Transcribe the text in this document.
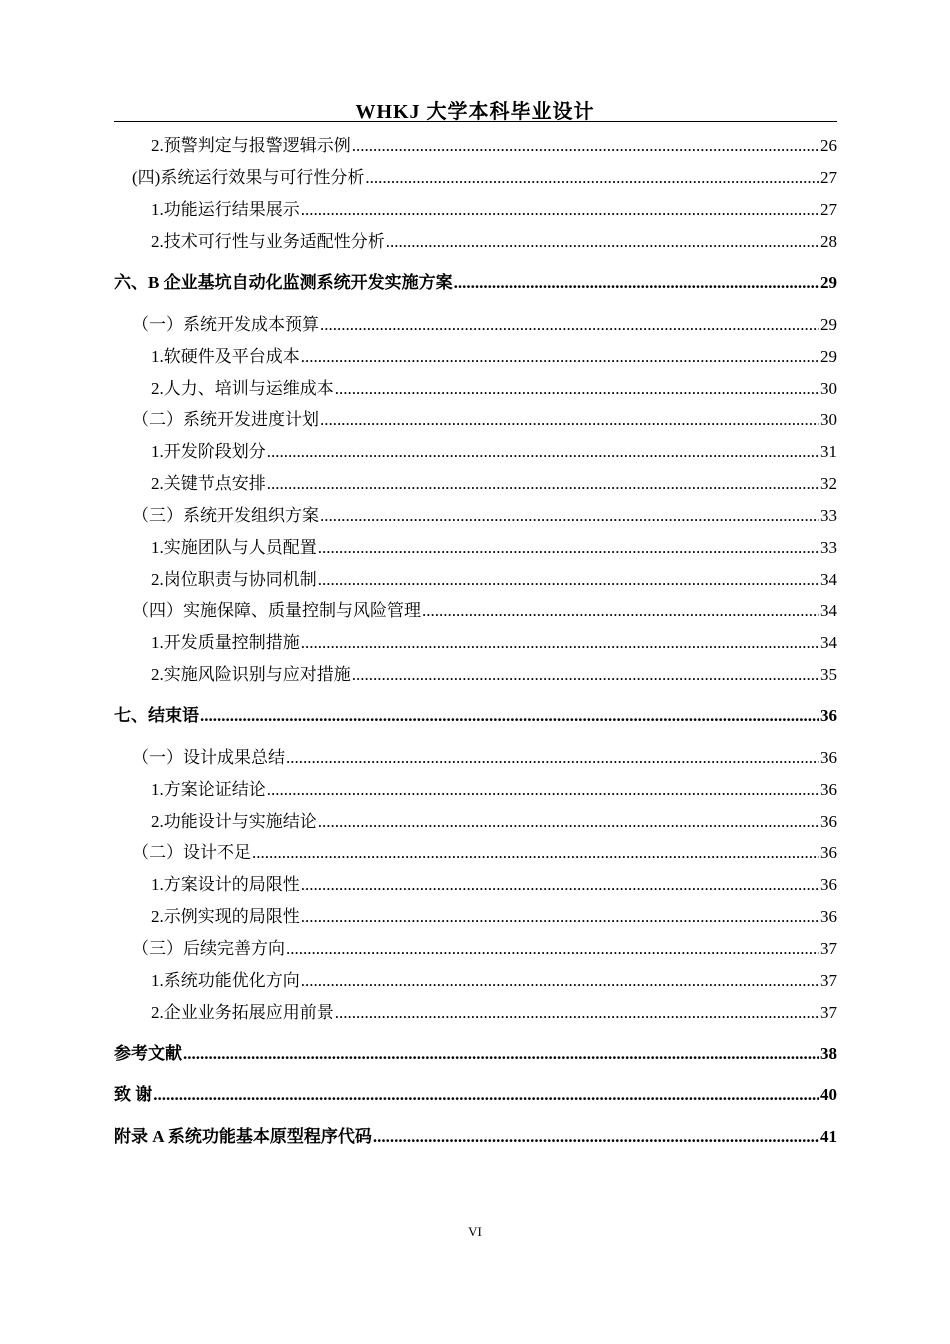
WHKJ 大学本科毕业设计
2.预警判定与报警逻辑示例 .....	26
(四)系统运行效果与可行性分析 .....	27
1.功能运行结果展示 .....	27
2.技术可行性与业务适配性分析 .....	28
六、B 企业基坑自动化监测系统开发实施方案 .....	29
（一）系统开发成本预算 .....	29
1.软硬件及平台成本 .....	29
2.人力、培训与运维成本 .....	30
（二）系统开发进度计划 .....	30
1.开发阶段划分 .....	31
2.关键节点安排 .....	32
（三）系统开发组织方案 .....	33
1.实施团队与人员配置 .....	33
2.岗位职责与协同机制 .....	34
（四）实施保障、质量控制与风险管理 .....	34
1.开发质量控制措施 .....	34
2.实施风险识别与应对措施 .....	35
七、结束语 .....	36
（一）设计成果总结 .....	36
1.方案论证结论 .....	36
2.功能设计与实施结论 .....	36
（二）设计不足 .....	36
1.方案设计的局限性 .....	36
2.示例实现的局限性 .....	36
（三）后续完善方向 .....	37
1.系统功能优化方向 .....	37
2.企业业务拓展应用前景 .....	37
参考文献 .....	38
致 谢 .....	40
附录 A 系统功能基本原型程序代码 .....	41
VI
